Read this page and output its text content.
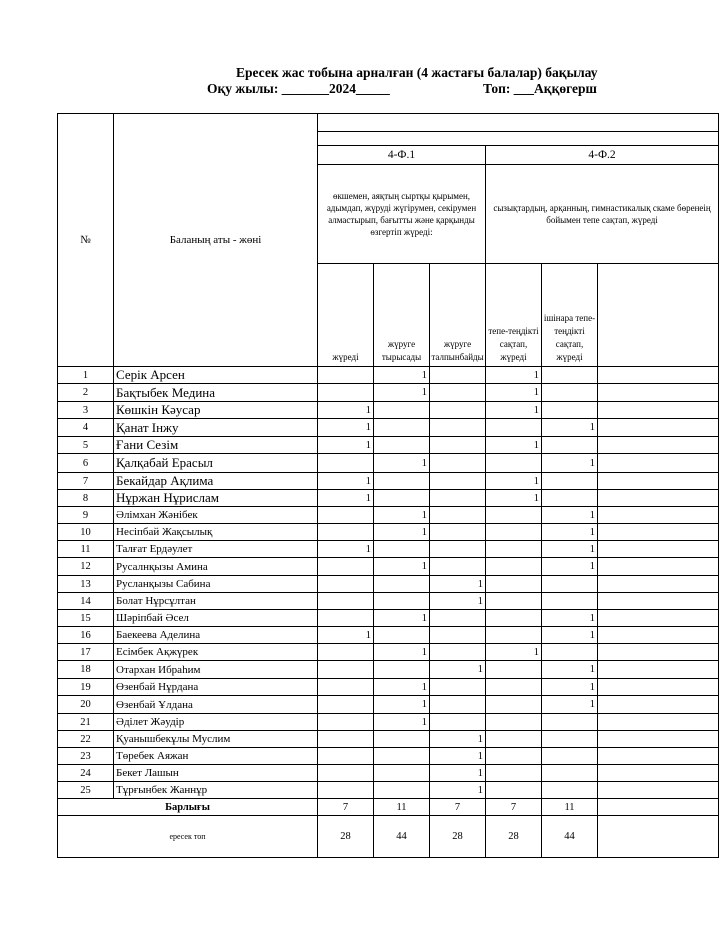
Ересек жас тобына арналған (4 жастағы балалар) бақылау
Оқу жылы: _______2024_____	Топ: ___Аққөгерш
№	Баланың аты - жөні						

		4-Ф.1			4-Ф.2		
		өкшемен, аяқтың сыртқы қырымен, адымдап, жүруді жүгірумен, секірумен алмастырып, бағытты және қарқынды өзгертіп жүреді:			сызықтардың, арқанның, гимнастикалық скаме бөренеің бойымен тепе сақтап, жүреді		
		жүреді	жүруге тырысады	жүруге талпынбайды	тепе-теңдікті сақтап, жүреді	ішінара тепе-теңдікті сақтап, жүреді	
1	Серік Арсен		1		1		
2	Бақтыбек Медина		1		1		
3	Көшкін Кәусар	1			1		
4	Қанат Інжу	1				1	
5	Ғани Сезім	1			1		
6	Қалқабай Ерасыл		1			1	
7	Бекайдар Ақлима	1			1		
8	Нұржан Нұрислам	1			1		
9	Әлімхан Жәнібек		1			1	
10	Несіпбай Жақсылық		1			1	
11	Талғат Ердәулет	1				1	
12	Русалнқызы Амина		1			1	
13	Русланқызы Сабина			1			
14	Болат Нұрсұлтан			1			
15	Шәріпбай Әсел		1			1	
16	Баекеева Аделина	1				1	
17	Есімбек Ақжүрек		1		1		
18	Отархан Ибраһим			1		1	
19	Өзенбай Нұрдана		1			1	
20	Өзенбай Ұлдана		1			1	
21	Әділет Жәудір		1				
22	Қуанышбекұлы Муслим			1			
23	Төребек Аяжан			1			
24	Бекет Лашын			1			
25	Тұрғынбек Жаннұр			1			
Барлығы		7	11	7	7	11	
ересек топ		28	44	28	28	44	
